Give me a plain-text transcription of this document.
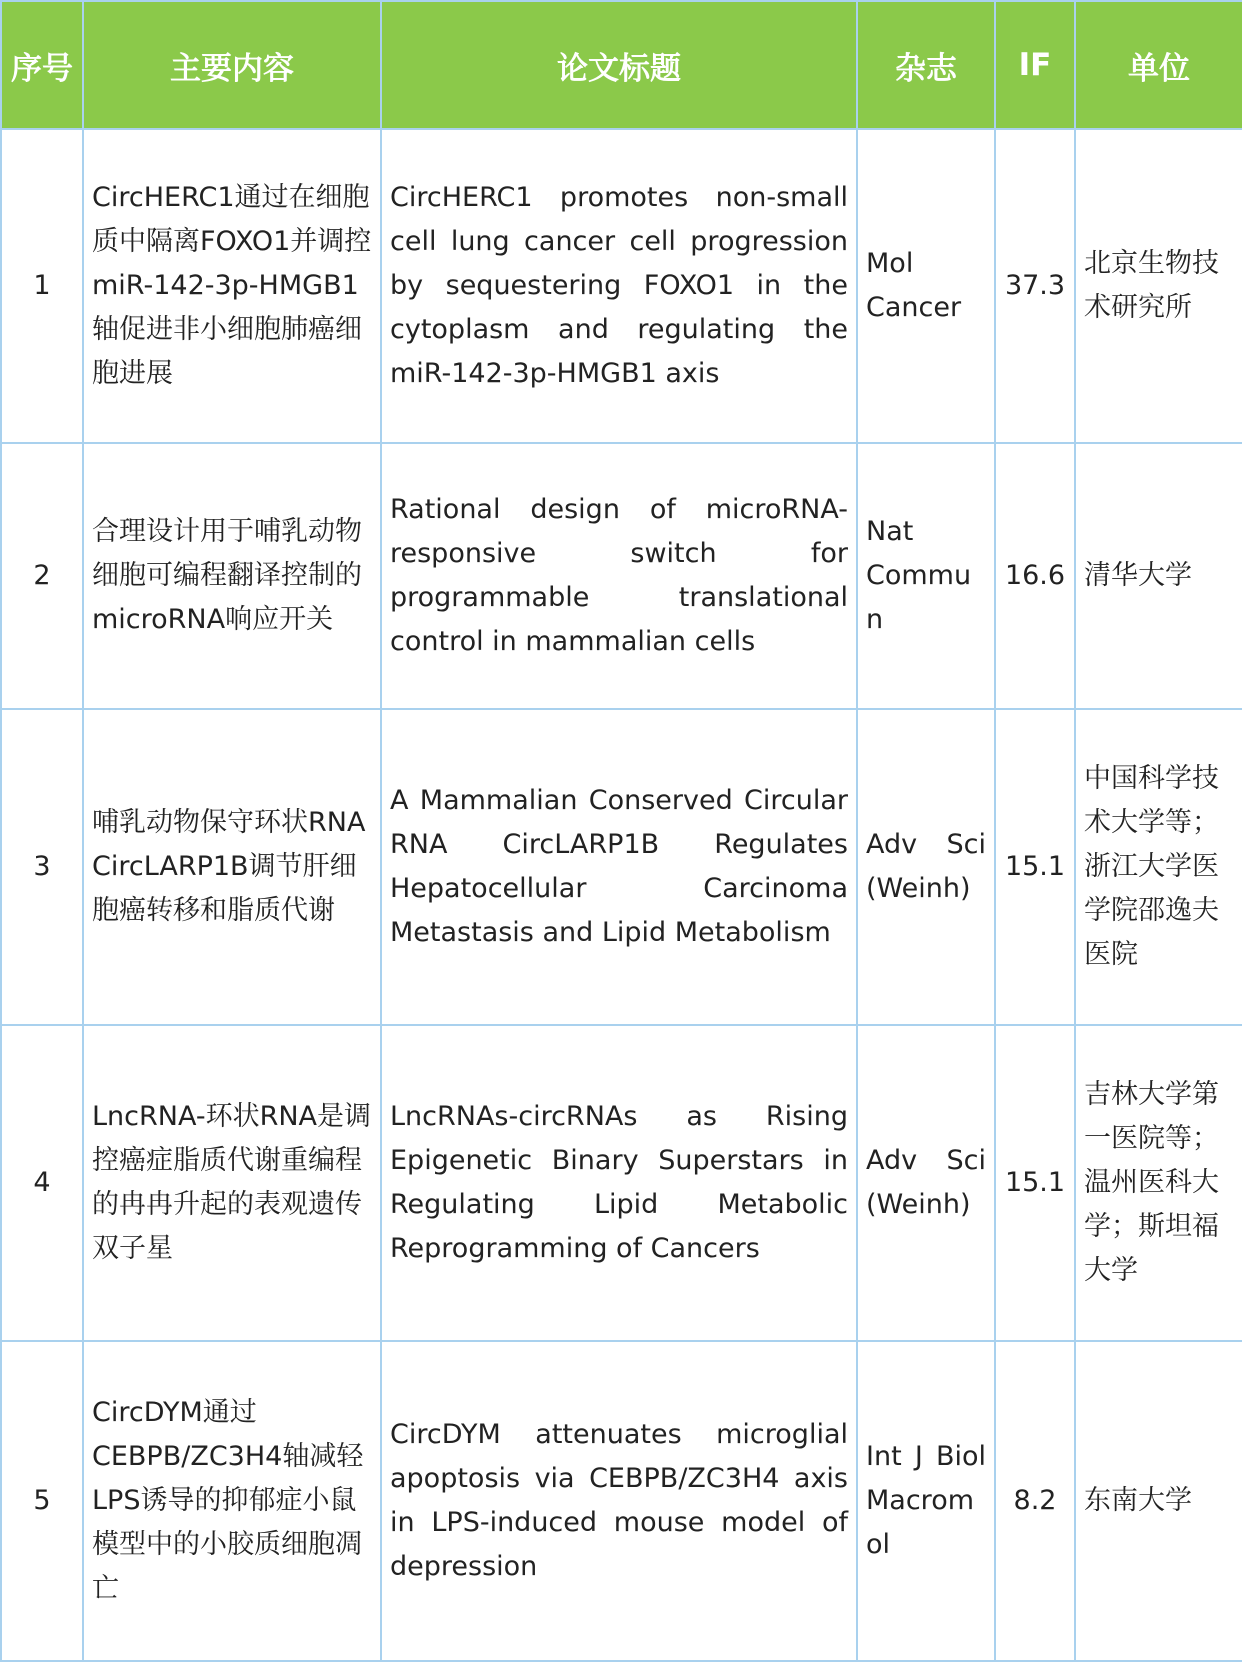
序号	主要内容	论文标题	杂志	IF	单位
1	CircHERC1通过在细胞质中隔离FOXO1并调控miR-142-3p-HMGB1轴促进非小细胞肺癌细胞进展	CircHERC1 promotes non-small cell lung cancer cell progression by sequestering FOXO1 in the cytoplasm and regulating the miR-142-3p-HMGB1 axis	Mol Cancer	37.3	北京生物技术研究所
2	合理设计用于哺乳动物细胞可编程翻译控制的microRNA响应开关	Rational design of microRNA-responsive switch for programmable translational control in mammalian cells	Nat Commun	16.6	清华大学
3	哺乳动物保守环状RNA CircLARP1B调节肝细胞癌转移和脂质代谢	A Mammalian Conserved Circular RNA CircLARP1B Regulates Hepatocellular Carcinoma Metastasis and Lipid Metabolism	Adv Sci (Weinh)	15.1	中国科学技术大学等；浙江大学医学院邵逸夫医院
4	LncRNA-环状RNA是调控癌症脂质代谢重编程的冉冉升起的表观遗传双子星	LncRNAs-circRNAs as Rising Epigenetic Binary Superstars in Regulating Lipid Metabolic Reprogramming of Cancers	Adv Sci (Weinh)	15.1	吉林大学第一医院等；温州医科大学；斯坦福大学
5	CircDYM通过CEBPB/ZC3H4轴减轻LPS诱导的抑郁症小鼠模型中的小胶质细胞凋亡	CircDYM attenuates microglial apoptosis via CEBPB/ZC3H4 axis in LPS-induced mouse model of depression	Int J Biol Macromol	8.2	东南大学
